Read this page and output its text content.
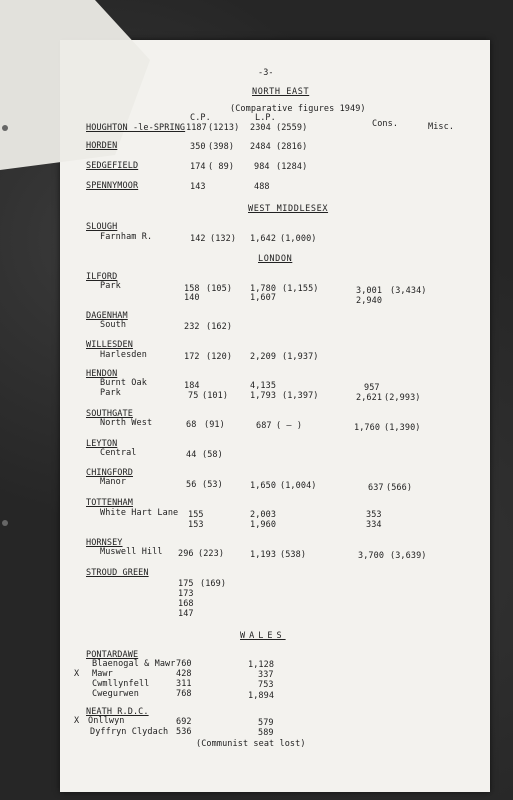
-3-
NORTH EAST
(Comparative figures 1949)
C.P.	L.P.
Cons.	Misc.
HOUGHTON -le-SPRING 1187 (1213) 2304 (2559)
HORDEN	350 (398) 2484 (2816)
SEDGEFIELD	174 ( 89) 984 (1284)
SPENNYMOOR	143	488
WEST MIDDLESEX
SLOUGH
Farnham R.	142 (132) 1,642 (1,000)
LONDON
ILFORD
Park	158 (105) 1,780 (1,155)	3,001 (3,434)
140	1,607	2,940
DAGENHAM
South	232 (162)
WILLESDEN
Harlesden	172 (120) 2,209 (1,937)
HENDON
Burnt Oak	184	4,135	957
Park	75 (101)	1,793 (1,397)	2,621 (2,993)
SOUTHGATE
North West	68 (91)	687 ( – )	1,760 (1,390)
LEYTON
Central	44 (58)
CHINGFORD
Manor	56 (53)	1,650 (1,004)	637 (566)
TOTTENHAM
White Hart Lane 155	2,003	353
153	1,960	334
HORNSEY
Muswell Hill 296 (223)	1,193 (538)	3,700 (3,639)
STROUD GREEN
175 (169)
173
168
147
WALES
PONTARDAWE
Blaenogal & Mawr 760	1,128
X Mawr	428	337
Cwmllynfell	311	753
Cwegurwen	768	1,894
NEATH R.D.C.
X Onllwyn	692	579
Dyffryn Clydach 536	589
(Communist seat lost)
